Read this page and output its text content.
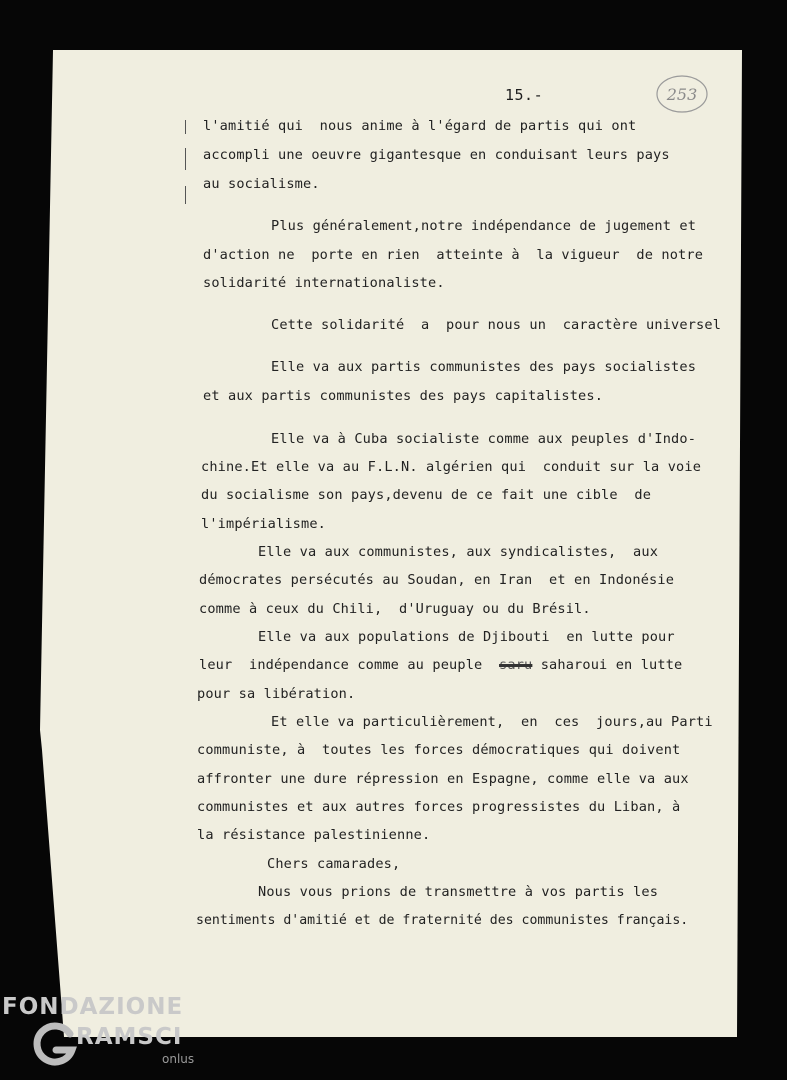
15.-	253
l'amitié qui  nous anime à l'égard de partis qui ont
accompli une oeuvre gigantesque en conduisant leurs pays
au socialisme.
Plus généralement,notre indépendance de jugement et
d'action ne  porte en rien  atteinte à  la vigueur  de notre
solidarité internationaliste.
Cette solidarité  a  pour nous un  caractère universel
Elle va aux partis communistes des pays socialistes
et aux partis communistes des pays capitalistes.
Elle va à Cuba socialiste comme aux peuples d'Indo-
chine.Et elle va au F.L.N. algérien qui  conduit sur la voie
du socialisme son pays,devenu de ce fait une cible  de
l'impérialisme.
Elle va aux communistes, aux syndicalistes,  aux
démocrates persécutés au Soudan, en Iran  et en Indonésie
comme à ceux du Chili,  d'Uruguay ou du Brésil.
Elle va aux populations de Djibouti  en lutte pour
leur  indépendance comme au peuple  saru saharoui en lutte
pour sa libération.
Et elle va particulièrement,  en  ces  jours,au Parti
communiste, à  toutes les forces démocratiques qui doivent
affronter une dure répression en Espagne, comme elle va aux
communistes et aux autres forces progressistes du Liban, à
la résistance palestinienne.
Chers camarades,
Nous vous prions de transmettre à vos partis les
sentiments d'amitié et de fraternité des communistes français.
FONDAZIONE
RAMSCI
onlus
